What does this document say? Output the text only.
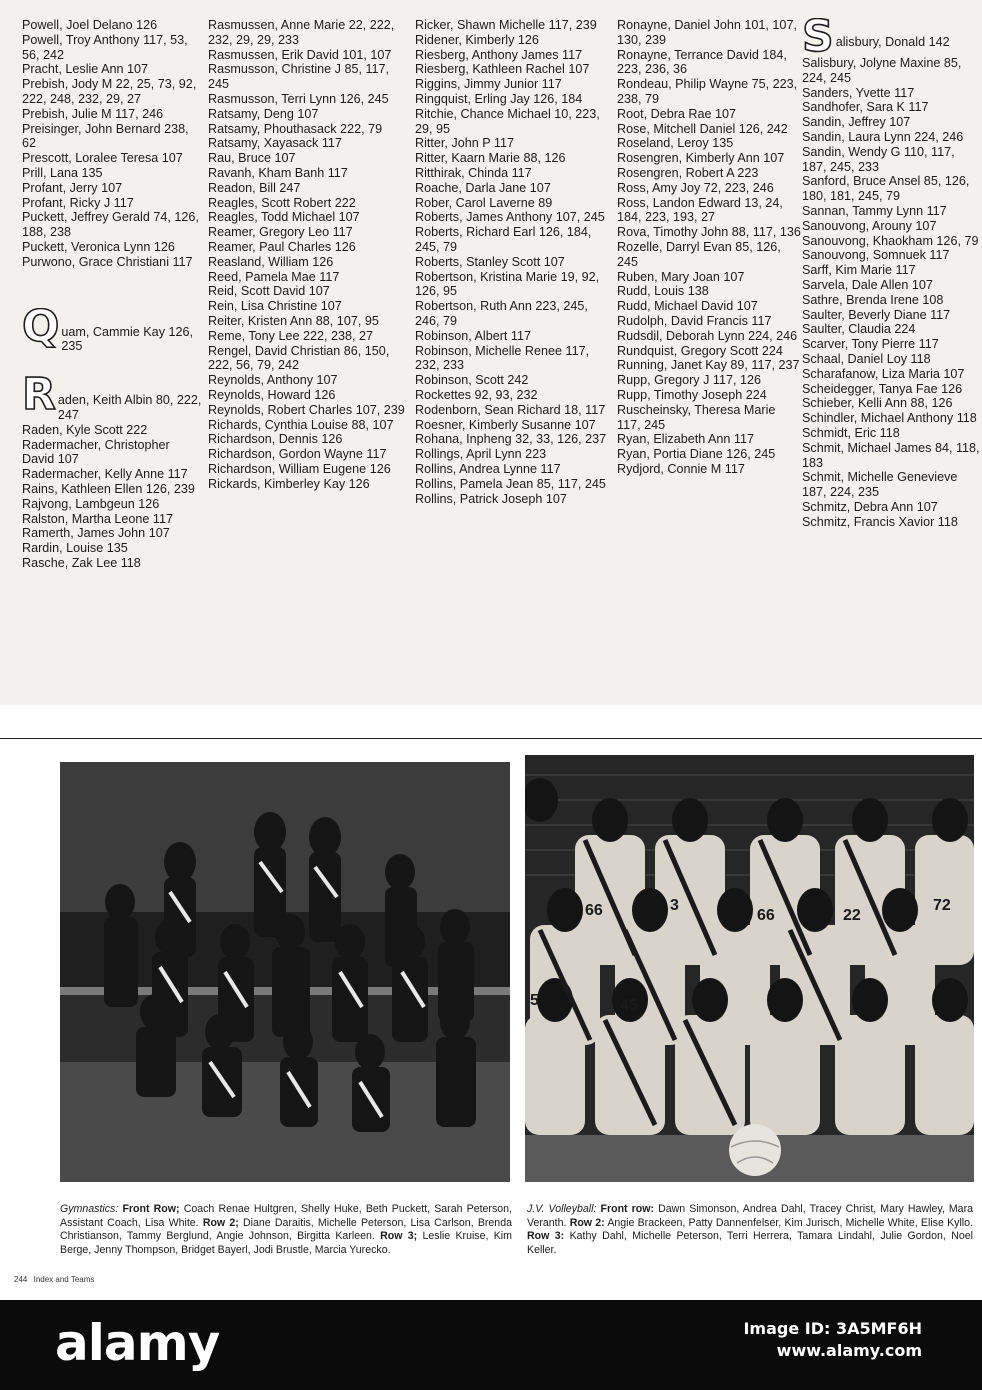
Powell, Joel Delano 126
Powell, Troy Anthony 117, 53, 56, 242
Pracht, Leslie Ann 107
Prebish, Jody M 22, 25, 73, 92, 222, 248, 232, 29, 27
Prebish, Julie M 117, 246
Preisinger, John Bernard 238, 62
Prescott, Loralee Teresa 107
Prill, Lana 135
Profant, Jerry 107
Profant, Ricky J 117
Puckett, Jeffrey Gerald 74, 126, 188, 238
Puckett, Veronica Lynn 126
Purwono, Grace Christiani 117
Q uam, Cammie Kay 126, 235
R aden, Keith Albin 80, 222, 247
Raden, Kyle Scott 222
Radermacher, Christopher David 107
Radermacher, Kelly Anne 117
Rains, Kathleen Ellen 126, 239
Rajvong, Lambgeun 126
Ralston, Martha Leone 117
Ramerth, James John 107
Rardin, Louise 135
Rasche, Zak Lee 118
Rasmussen, Anne Marie 22, 222, 232, 29, 29, 233
Rasmussen, Erik David 101, 107
Rasmusson, Christine J 85, 117, 245
Rasmusson, Terri Lynn 126, 245
Ratsamy, Deng 107
Ratsamy, Phouthasack 222, 79
Ratsamy, Xayasack 117
Rau, Bruce 107
Ravanh, Kham Banh 117
Readon, Bill 247
Reagles, Scott Robert 222
Reagles, Todd Michael 107
Reamer, Gregory Leo 117
Reamer, Paul Charles 126
Reasland, William 126
Reed, Pamela Mae 117
Reid, Scott David 107
Rein, Lisa Christine 107
Reiter, Kristen Ann 88, 107, 95
Reme, Tony Lee 222, 238, 27
Rengel, David Christian 86, 150, 222, 56, 79, 242
Reynolds, Anthony 107
Reynolds, Howard 126
Reynolds, Robert Charles 107, 239
Richards, Cynthia Louise 88, 107
Richardson, Dennis 126
Richardson, Gordon Wayne 117
Richardson, William Eugene 126
Rickards, Kimberley Kay 126
Ricker, Shawn Michelle 117, 239
Ridener, Kimberly 126
Riesberg, Anthony James 117
Riesberg, Kathleen Rachel 107
Riggins, Jimmy Junior 117
Ringquist, Erling Jay 126, 184
Ritchie, Chance Michael 10, 223, 29, 95
Ritter, John P 117
Ritter, Kaarn Marie 88, 126
Ritthirak, Chinda 117
Roache, Darla Jane 107
Rober, Carol Laverne 89
Roberts, James Anthony 107, 245
Roberts, Richard Earl 126, 184, 245, 79
Roberts, Stanley Scott 107
Robertson, Kristina Marie 19, 92, 126, 95
Robertson, Ruth Ann 223, 245, 246, 79
Robinson, Albert 117
Robinson, Michelle Renee 117, 232, 233
Robinson, Scott 242
Rockettes 92, 93, 232
Rodenborn, Sean Richard 18, 117
Roesner, Kimberly Susanne 107
Rohana, Inpheng 32, 33, 126, 237
Rollings, April Lynn 223
Rollins, Andrea Lynne 117
Rollins, Pamela Jean 85, 117, 245
Rollins, Patrick Joseph 107
Ronayne, Daniel John 101, 107, 130, 239
Ronayne, Terrance David 184, 223, 236, 36
Rondeau, Philip Wayne 75, 223, 238, 79
Root, Debra Rae 107
Rose, Mitchell Daniel 126, 242
Roseland, Leroy 135
Rosengren, Kimberly Ann 107
Rosengren, Robert A 223
Ross, Amy Joy 72, 223, 246
Ross, Landon Edward 13, 24, 184, 223, 193, 27
Rova, Timothy John 88, 117, 136
Rozelle, Darryl Evan 85, 126, 245
Ruben, Mary Joan 107
Rudd, Louis 138
Rudd, Michael David 107
Rudolph, David Francis 117
Rudsdil, Deborah Lynn 224, 246
Rundquist, Gregory Scott 224
Running, Janet Kay 89, 117, 237
Rupp, Gregory J 117, 126
Rupp, Timothy Joseph 224
Ruscheinsky, Theresa Marie 117, 245
Ryan, Elizabeth Ann 117
Ryan, Portia Diane 126, 245
Rydjord, Connie M 117
S alisbury, Donald 142
Salisbury, Jolyne Maxine 85, 224, 245
Sanders, Yvette 117
Sandhofer, Sara K 117
Sandin, Jeffrey 107
Sandin, Laura Lynn 224, 246
Sandin, Wendy G 110, 117, 187, 245, 233
Sanford, Bruce Ansel 85, 126, 180, 181, 245, 79
Sannan, Tammy Lynn 117
Sanouvong, Arouny 107
Sanouvong, Khaokham 126, 79
Sanouvong, Somnuek 117
Sarff, Kim Marie 117
Sarvela, Dale Allen 107
Sathre, Brenda Irene 108
Saulter, Beverly Diane 117
Saulter, Claudia 224
Scarver, Tony Pierre 117
Schaal, Daniel Loy 118
Scharafanow, Liza Maria 107
Scheidegger, Tanya Fae 126
Schieber, Kelli Ann 88, 126
Schindler, Michael Anthony 118
Schmidt, Eric 118
Schmit, Michael James 84, 118, 183
Schmit, Michelle Genevieve 187, 224, 235
Schmitz, Debra Ann 107
Schmitz, Francis Xavior 118
66	3
66	22
72
5	45
Gymnastics: Front Row; Coach Renae Hultgren, Shelly Huke, Beth Puckett, Sarah Peterson, Assistant Coach, Lisa White. Row 2; Diane Daraitis, Michelle Peterson, Lisa Carlson, Brenda Christianson, Tammy Berglund, Angie Johnson, Birgitta Karleen. Row 3; Leslie Kruise, Kim Berge, Jenny Thompson, Bridget Bayerl, Jodi Brustle, Marcia Yurecko.
J.V. Volleyball: Front row: Dawn Simonson, Andrea Dahl, Tracey Christ, Mary Hawley, Mara Veranth. Row 2: Angie Brackeen, Patty Dannenfelser, Kim Jurisch, Michelle White, Elise Kyllo. Row 3: Kathy Dahl, Michelle Peterson, Terri Herrera, Tamara Lindahl, Julie Gordon, Noel Keller.
244 Index and Teams
alamy	Image ID: 3A5MF6H
www.alamy.com
